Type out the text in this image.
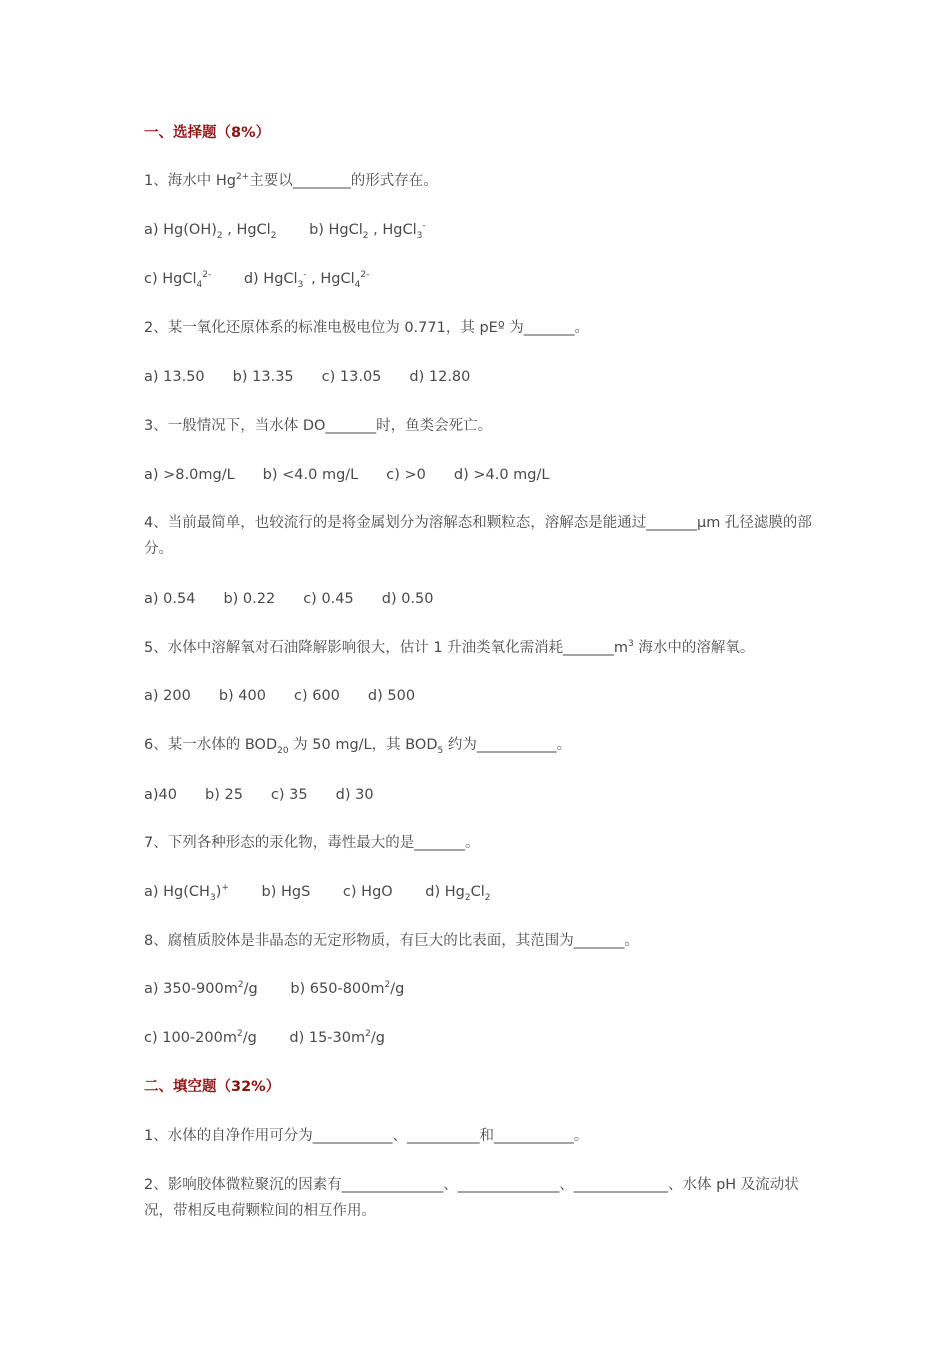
一、选择题（8%）
1、海水中 $Hg^{2+}$主要以________的形式存在。
a) $Hg(OH)_2$ , HgCl$_2$ b) HgCl$_2$ , HgCl$_3$-
c) HgCl$_4^{2-}$ d) HgCl$_3$- , HgCl$_4^{2-}$
2、某一氧化还原体系的标准电极电位为 0.771，其 pEº 为_______。
a) 13.50 b) 13.35 c) 13.05 d) 12.80
3、一般情况下，当水体 DO_______时，鱼类会死亡。
a) >8.0mg/L b) <4.0 mg/L c) >0 d) >4.0 mg/L
4、当前最简单，也较流行的是将金属划分为溶解态和颗粒态，溶解态是能通过_______μm 孔径滤膜的部分。
a) 0.54 b) 0.22 c) 0.45 d) 0.50
5、水体中溶解氧对石油降解影响很大，估计 1 升油类氧化需消耗$\_\_\_\_\_\_\_m^3$ 海水中的溶解氧。
a) 200 b) 400 c) 600 d) 500
6、某一水体的 $BOD_{20}$ 为 50 mg/L，其 $BOD_5$ 约为___________。
a)40 b) 25 c) 35 d) 30
7、下列各种形态的汞化物，毒性最大的是_______。
a) $Hg(CH_3)^+$ b) HgS c) HgO d) $Hg_2Cl_2$
8、腐植质胶体是非晶态的无定形物质，有巨大的比表面，其范围为_______。
a) $350-900m^2/g$ b) $650-800m^2/g$
c) $100-200m^2/g$ d) $15-30m^2/g$
二、填空题（32%）
1、水体的自净作用可分为___________、__________和___________。
2、影响胶体微粒聚沉的因素有______________、______________、_____________、水体 pH 及流动状况，带相反电荷颗粒间的相互作用。
